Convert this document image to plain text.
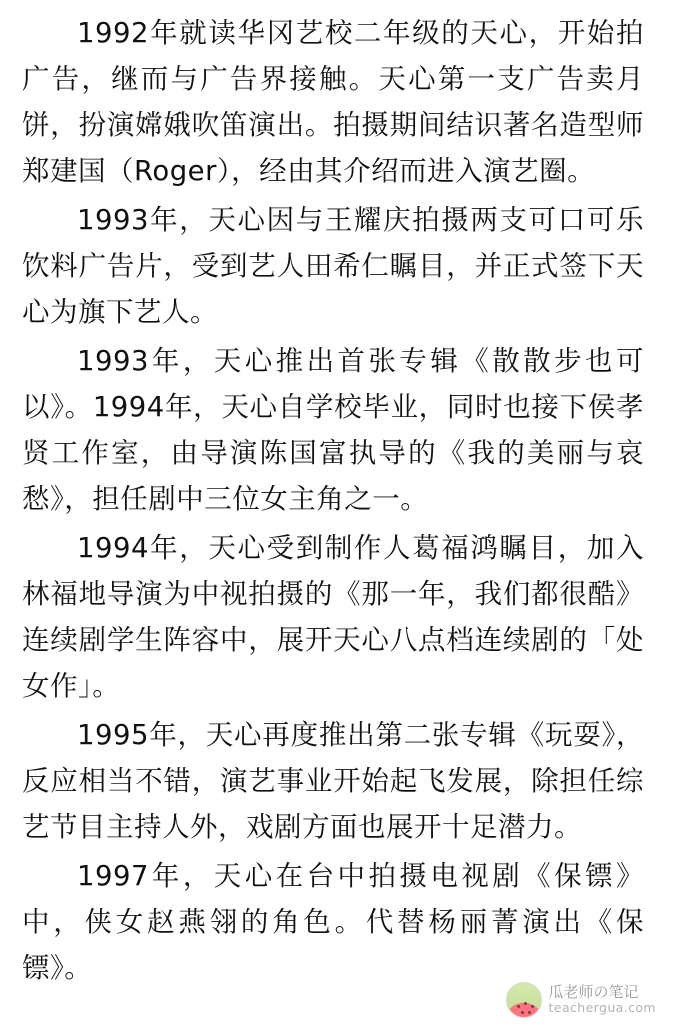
1992年就读华冈艺校二年级的天心，开始拍广告，继而与广告界接触。天心第一支广告卖月饼，扮演嫦娥吹笛演出。拍摄期间结识著名造型师郑建国（Roger），经由其介绍而进入演艺圈。

1993年，天心因与王耀庆拍摄两支可口可乐饮料广告片，受到艺人田希仁瞩目，并正式签下天心为旗下艺人。

1993年，天心推出首张专辑《散散步也可以》。1994年，天心自学校毕业，同时也接下侯孝贤工作室，由导演陈国富执导的《我的美丽与哀愁》，担任剧中三位女主角之一。

1994年，天心受到制作人葛福鸿瞩目，加入林福地导演为中视拍摄的《那一年，我们都很酷》连续剧学生阵容中，展开天心八点档连续剧的「处女作」。

1995年，天心再度推出第二张专辑《玩耍》，反应相当不错，演艺事业开始起飞发展，除担任综艺节目主持人外，戏剧方面也展开十足潜力。

1997年，天心在台中拍摄电视剧《保镖》中，侠女赵燕翎的角色。代替杨丽菁演出《保镖》。

瓜老师の笔记
teachergua.com
